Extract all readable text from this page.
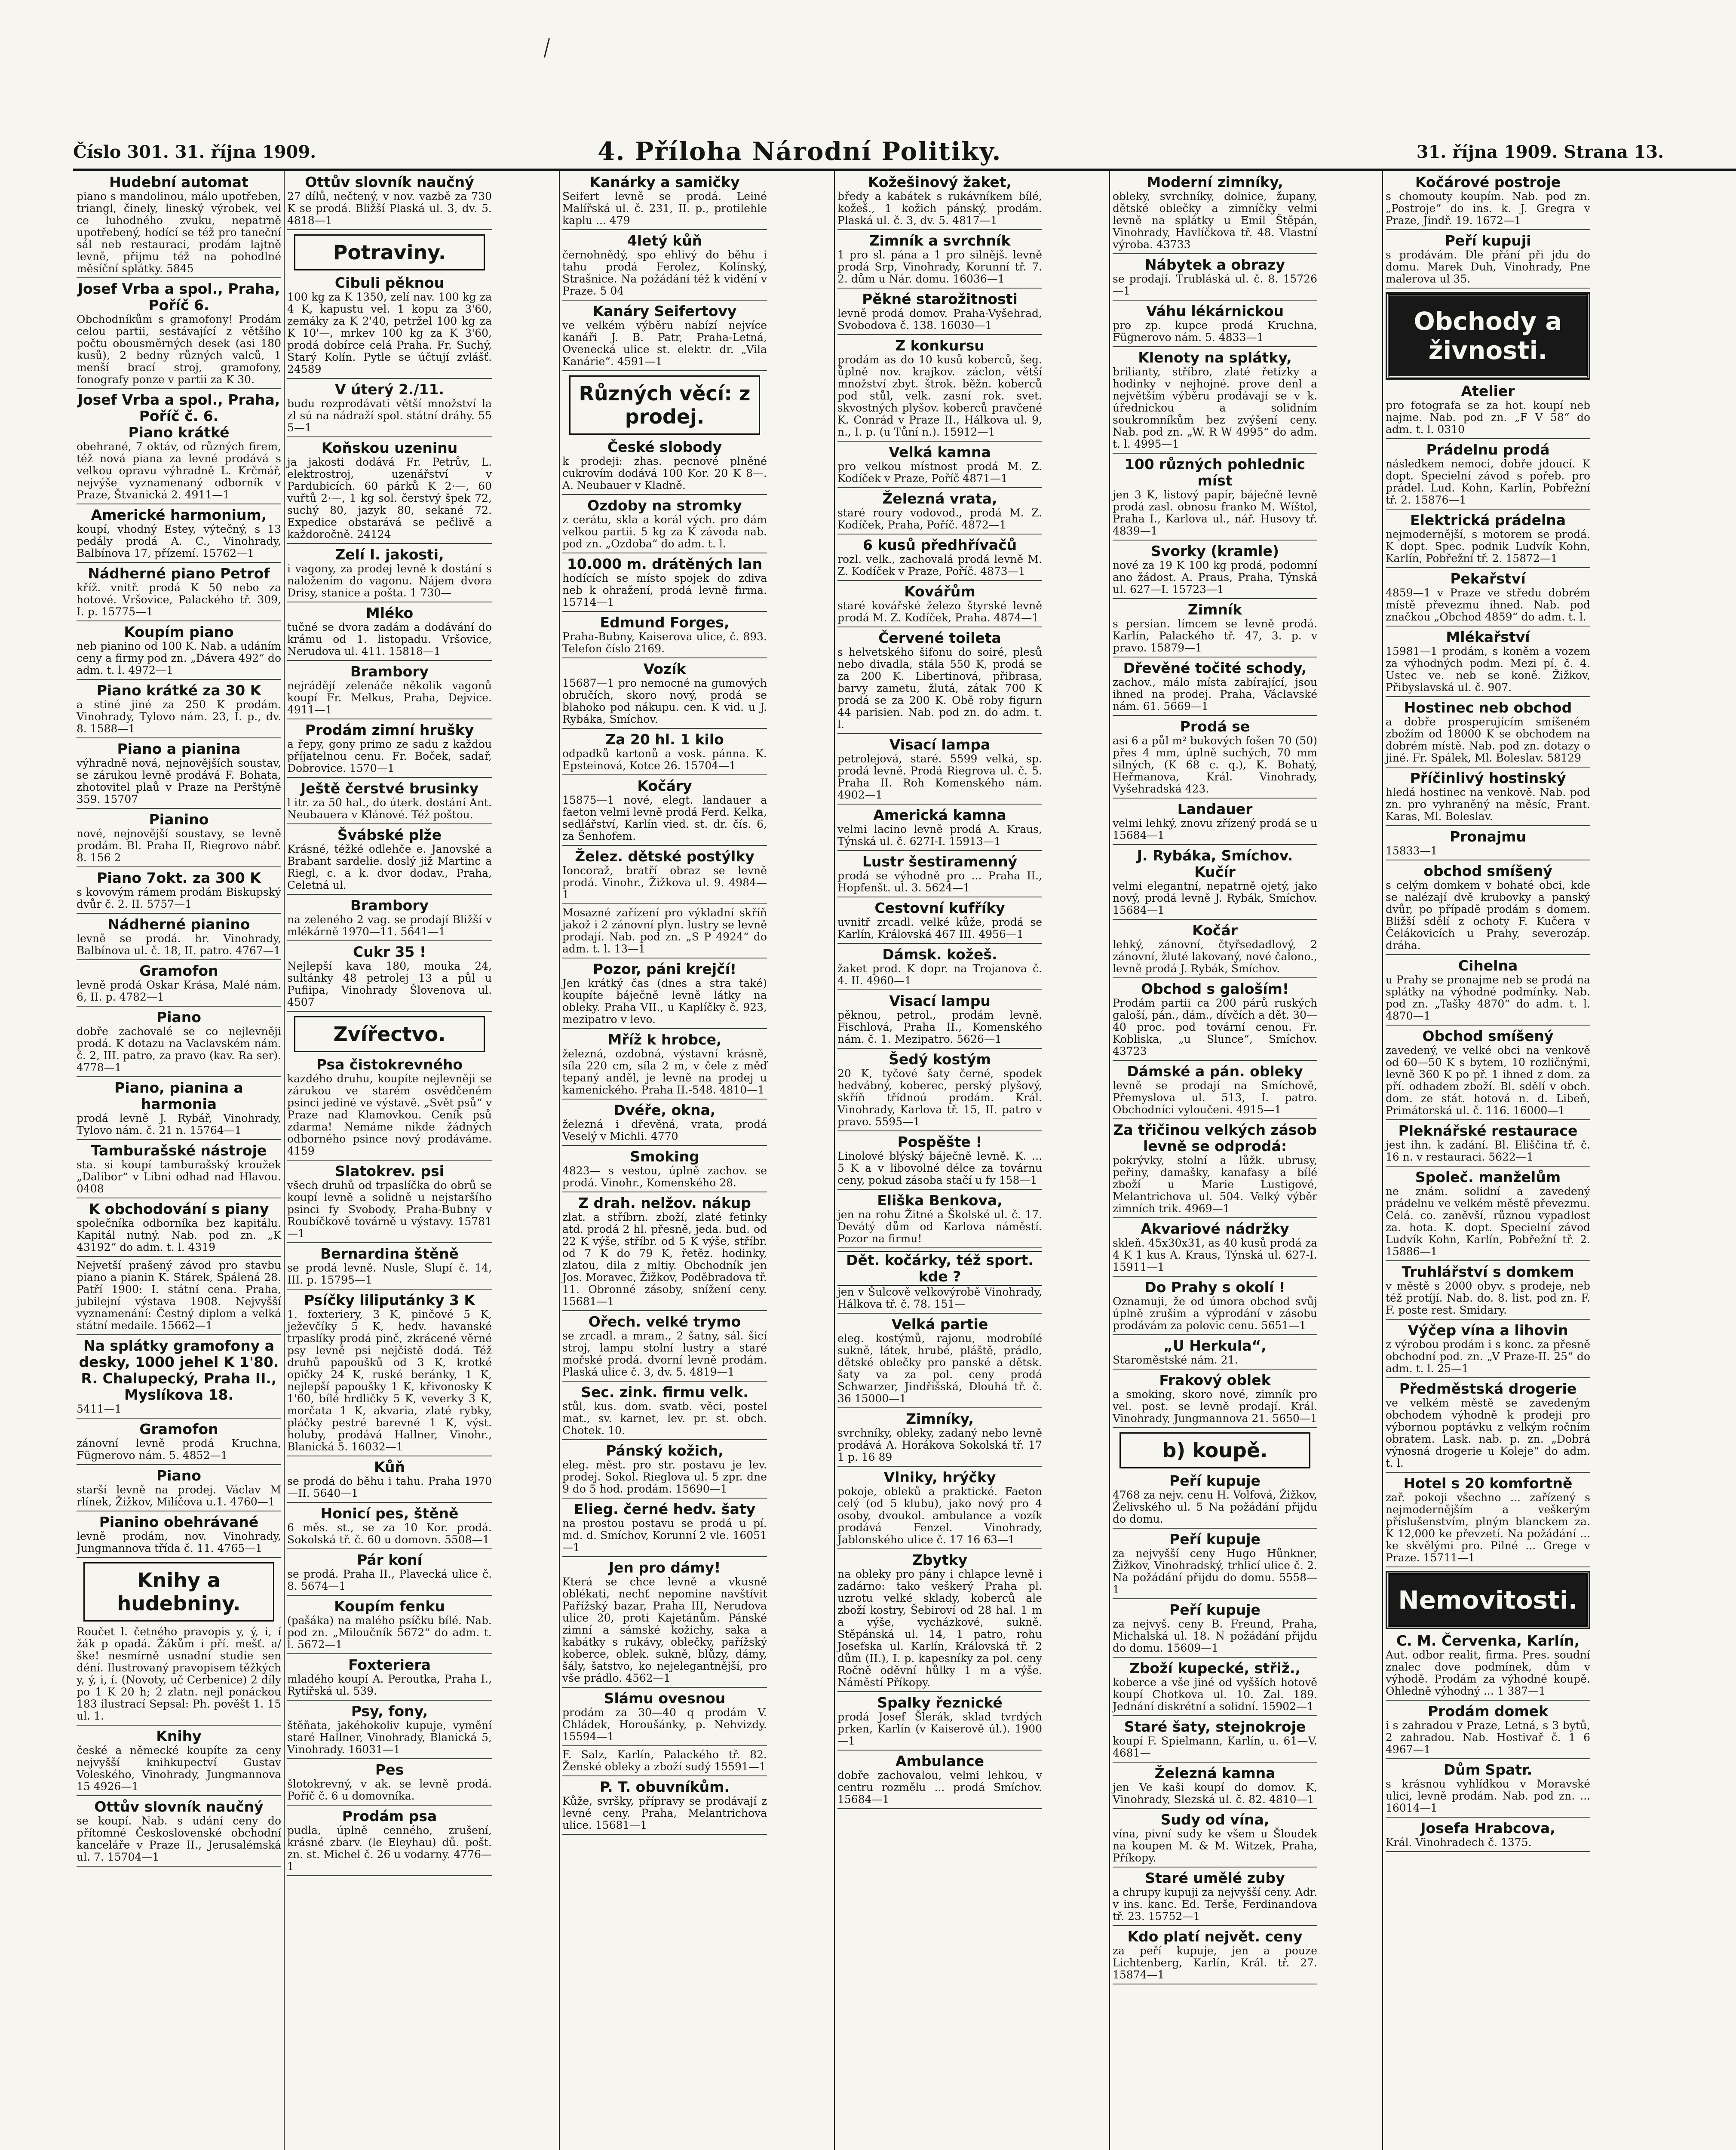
Číslo 301. 31. října 1909.	4. Příloha Národní Politiky.	31. října 1909. Strana 13.
Hudební automat
piano s mandolinou, málo upotřeben, triangl, činely, lineský výrobek, vel ce luhodného zvuku, nepatrně upotřebený, hodící se též pro taneční sál neb restauraci, prodám lajtně levně, přijmu též na pohodlné měsíční splátky. 5845
Josef Vrba a spol., Praha, Poříč 6.
Obchodníkům s gramofony! Prodám celou partii, sestávající z většího počtu obousměrných desek (asi 180 kusů), 2 bedny různých valců, 1 menší brací stroj, gramofony, fonografy ponze v partii za K 30.
Josef Vrba a spol., Praha, Poříč č. 6.
Piano krátké
obehrané, 7 oktáv, od různých firem, též nová piana za levné prodává s velkou opravu výhradně L. Krčmář, nejvýše vyznamenaný odborník v Praze, Štvanická 2. 4911—1
Americké harmonium,
koupí, vhodný Estey, výtečný, s 13 pedály prodá A. C., Vinohrady, Balbínova 17, přízemí. 15762—1
Nádherné piano Petrof
kříž. vnitř. prodá K 50 nebo za hotové. Vršovice, Palackého tř. 309, I. p. 15775—1
Koupím piano
neb pianino od 100 K. Nab. a udáním ceny a firmy pod zn. „Dávera 492“ do adm. t. l. 4972—1
Piano krátké za 30 K
a stiné jiné za 250 K prodám. Vinohrady, Tylovo nám. 23, I. p., dv. 8. 1588—1
Piano a pianina
výhradně nová, nejnovějších soustav, se zárukou levně prodává F. Bohata, zhotovitel plaů v Praze na Perštýně 359. 15707
Pianino
nové, nejnovější soustavy, se levně prodám. Bl. Praha II, Riegrovo nábř. 8. 156 2
Piano 7okt. za 300 K
s kovovým rámem prodám Biskupský dvůr č. 2. II. 5757—1
Nádherné pianino
levně se prodá. hr. Vinohrady, Balbínova ul. č. 18, II. patro. 4767—1
Gramofon
levně prodá Oskar Krása, Malé nám. 6, II. p. 4782—1
Piano
dobře zachovalé se co nejlevněji prodá. K dotazu na Vaclavském nám. č. 2, III. patro, za pravo (kav. Ra ser). 4778—1
Piano, pianina a harmonia
prodá levně J. Rybář, Vinohrady, Tylovo nám. č. 21 n. 15764—1
Tamburašské nástroje
sta. si koupí tamburašský kroužek „Dalibor“ v Libni odhad nad Hlavou. 0408
K obchodování s piany
společníka odborníka bez kapitálu. Kapitál nutný. Nab. pod zn. „K 43192“ do adm. t. l. 4319
Nejvetší prašený závod pro stavbu piano a pianin K. Stárek, Spálená 28. Patří 1900: I. státní cena. Praha, jubilejní výstava 1908. Nejvyšší vyznamenání: Čestný diplom a velká státní medaile. 15662—1
Na splátky gramofony a desky, 1000 jehel K 1'80. R. Chalupecký, Praha II., Myslíkova 18.
5411—1
Gramofon
zánovní levně prodá Kruchna, Fügnerovo nám. 5. 4852—1
Piano
starší levně na prodej. Václav M rlínek, Žižkov, Milíčova u.1. 4760—1
Pianino obehrávané
levně prodám, nov. Vinohrady, Jungmannova třída č. 11. 4765—1
Knihy a hudebniny.
Roučet l. četného pravopis y, ý, i, í žák p opadá. Žákům i pří. mešť. a/ ške! nesmírně usnadní studie sen déní. Ilustrovaný pravopisem těžkých y, ý, i, í. (Novoty, uč Cerbenice) 2 díly po 1 K 20 h; 2 zlatn. nejl ponáckou 183 ilustrací Sepsal: Ph. pověšt 1. 15 ul. 1.
Knihy
české a německé koupíte za ceny nejvyšší knihkupectví Gustav Voleského, Vinohrady, Jungmannova 15 4926—1
Ottův slovník naučný
se koupí. Nab. s udání ceny do přítomné Československé obchodní kanceláře v Praze II., Jerusalémská ul. 7. 15704—1
Ottův slovník naučný
27 dílů, nečtený, v nov. vazbě za 730 K se prodá. Bližší Plaská ul. 3, dv. 5. 4818—1
Potraviny.
Cibuli pěknou
100 kg za K 1350, zelí nav. 100 kg za 4 K, kapustu vel. 1 kopu za 3'60, zemáky za K 2'40, petržel 100 kg za K 10'—, mrkev 100 kg za K 3'60, prodá dobírce celá Praha. Fr. Suchý, Starý Kolín. Pytle se účtují zvlášť. 24589
V úterý 2./11.
budu rozprodávati větší množství la zl sú na nádraží spol. státní dráhy. 55 5—1
Koňskou uzeninu
ja jakosti dodává Fr. Petrův, L. elektrostroj, uzenářství v Pardubicích. 60 párků K 2·—, 60 vuřtů 2·—, 1 kg sol. čerstvý špek 72, suchý 80, jazyk 80, sekané 72. Expedice obstarává se pečlivě a každoročně. 24124
Zelí I. jakosti,
i vagony, za prodej levně k dostání s naložením do vagonu. Nájem dvora Drisy, stanice a pošta. 1 730—
Mléko
tučné se dvora zadám a dodávání do krámu od 1. listopadu. Vršovice, Nerudova ul. 411. 15818—1
Brambory
nejrádějí zelenáče několik vagonů koupí Fr. Melkus, Praha, Dejvice. 4911—1
Prodám zimní hrušky
a řepy, gony primo ze sadu z každou příjatelnou cenu. Fr. Boček, sadař, Dobrovice. 1570—1
Ještě čerstvé brusinky
l itr. za 50 hal., do úterk. dostání Ant. Neubauera v Klánové. Též poštou.
Švábské plže
Krásné, téžké odlehče e. Janovské a Brabant sardelie. doslý již Martinc a Riegl, c. a k. dvor dodav., Praha, Celetná ul.
Brambory
na zeleného 2 vag. se prodají Bližší v mlékárně 1970—11. 5641—1
Cukr 35 !
Nejlepší kava 180, mouka 24, sultánky 48 petrolej 13 a půl u Pufiipa, Vinohrady Šlovenova ul. 4507
Zvířectvo.
Psa čistokrevného
kazdého druhu, koupíte nejlevněji se zárukou ve starém osvědčeném psinci jediné ve výstavě. „Svět psů“ v Praze nad Klamovkou. Ceník psů zdarma! Nemáme nikde žádných odborného psince nový prodáváme. 4159
Slatokrev. psi
všech druhů od trpaslíčka do obrů se koupí levně a solidně u nejstaršího psinci fy Svobody, Praha-Bubny v Roubíčkově továrně u výstavy. 15781—1
Bernardina štěně
se prodá levně. Nusle, Slupí č. 14, III. p. 15795—1
Psíčky liliputánky 3 K
1. foxteriery, 3 K, pinčové 5 K, ježevčíky 5 K, hedv. havanské trpaslíky prodá pinč, zkrácené věrné psy levně psi nejčistě dodá. Též druhů papoušků od 3 K, krotké opičky 24 K, ruské beránky, 1 K, nejlepší papoušky 1 K, křivonosky K 1'60, bílé hrdličky 5 K, veverky 3 K, morčata 1 K, akvaria, zlaté rybky, pláčky pestré barevné 1 K, výst. holuby, prodává Hallner, Vinohr., Blanická 5. 16032—1
Kůň
se prodá do běhu i tahu. Praha 1970—II. 5640—1
Honicí pes, štěně
6 měs. st., se za 10 Kor. prodá. Sokolská tř. č. 60 u domovn. 5508—1
Pár koní
se prodá. Praha II., Plavecká ulice č. 8. 5674—1
Koupím fenku
(pašáka) na malého psíčku bílé. Nab. pod zn. „Miloučník 5672“ do adm. t. l. 5672—1
Foxteriera
mladého koupí A. Peroutka, Praha I., Rytířská ul. 539.
Psy, fony,
štěňata, jakéhokoliv kupuje, vymění staré Hallner, Vinohrady, Blanická 5, Vinohrady. 16031—1
Pes
šlotokrevný, v ak. se levně prodá. Poříč č. 6 u domovníka.
Prodám psa
pudla, úplně cenného, zrušení, krásné zbarv. (le Eleyhau) dů. pošt. zn. st. Michel č. 26 u vodarny. 4776—1
Kanárky a samičky
Seifert levně se prodá. Leiné Malířská ul. č. 231, II. p., protilehle kaplu ... 479
4letý kůň
černohnědý, spo ehlivý do běhu i tahu prodá Ferolez, Kolínský, Strašnice. Na požádání též k vidění v Praze. 5 04
Kanáry Seifertovy
ve velkém výběru nabízí nejvíce kanáři J. B. Patr, Praha-Letná, Ovenecká ulice st. elektr. dr. „Vila Kanárie“. 4591—1
Různých věcí: z prodej.
České slobody
k prodeji: zhas. pecnové plněné cukrovím dodává 100 Kor. 20 K 8—. A. Neubauer v Kladně.
Ozdoby na stromky
z cerátu, skla a korál vých. pro dám velkou partii. 5 kg za K závoda nab. pod zn. „Ozdoba“ do adm. t. l.
10.000 m. drátěných lan
hodících se místo spojek do zdiva neb k ohražení, prodá levně firma. 15714—1
Edmund Forges,
Praha-Bubny, Kaiserova ulice, č. 893. Telefon číslo 2169.
Vozík
15687—1 pro nemocné na gumových obručích, skoro nový, prodá se blahoko pod nákupu. cen. K vid. u J. Rybáka, Smíchov.
Za 20 hl. 1 kilo
odpadků kartonů a vosk. pánna. K. Epsteinová, Kotce 26. 15704—1
Kočáry
15875—1 nové, elegt. landauer a faeton velmi levně prodá Ferd. Kelka, sedlářství, Karlín vied. st. dr. čís. 6, za Šenhofem.
Želez. dětské postýlky
Ioncoraž, bratří obraz se levně prodá. Vinohr., Žižkova ul. 9. 4984—1
Mosazné zařízení pro výkladní skříň jakož i 2 zánovní plyn. lustry se levně prodají. Nab. pod zn. „S P 4924“ do adm. t. l. 13—1
Pozor, páni krejčí!
Jen krátký čas (dnes a stra také) koupíte báječně levně látky na obleky. Praha VII., u Kaplíčky č. 923, mezipatro v levo.
Mříž k hrobce,
železná, ozdobná, výstavní krásně, síla 220 cm, síla 2 m, v čele z měď tepaný anděl, je levně na prodej u kamenického. Praha II.-548. 4810—1
Dvéře, okna,
železná i dřevěná, vrata, prodá Veselý v Michli. 4770
Smoking
4823— s vestou, úplně zachov. se prodá. Vinohr., Komenského 28.
Z drah. nelžov. nákup
zlat. a stříbrn. zboží, zlaté fetinky atd. prodá 2 hl. přesně, jeda. bud. od 22 K výše, stříbr. od 5 K výše, stříbr. od 7 K do 79 K, řetěz. hodinky, zlatou, dila z mltiy. Obchodník jen Jos. Moravec, Žižkov, Poděbradova tř. 11. Obronné zásoby, snížení ceny. 15681—1
Ořech. velké trymo
se zrcadl. a mram., 2 šatny, sál. šicí stroj, lampu stolní lustry a staré mořské prodá. dvorní levně prodám. Plaská ulice č. 3, dv. 5. 4819—1
Sec. zink. firmu velk.
stůl, kus. dom. svatb. věci, postel mat., sv. karnet, lev. pr. st. obch. Chotek. 10.
Pánský kožich,
eleg. měst. pro str. postavu je lev. prodej. Sokol. Rieglova ul. 5 zpr. dne 9 do 5 hod. prodám. 15690—1
Elieg. černé hedv. šaty
na prostou postavu se prodá u pí. md. d. Smíchov, Korunní 2 vle. 16051—1
Jen pro dámy!
Která se chce levně a vkusně oblékati, nechť nepomine navštívit Pařížský bazar, Praha III, Nerudova ulice 20, proti Kajetánům. Pánské zimní a sámské kožichy, saka a kabátky s rukávy, oblečky, pařížský koberce, oblek. sukně, blůzy, dámy, šály, šatstvo, ko nejelegantnější, pro vše prádlo. 4562—1
Slámu ovesnou
prodám za 30—40 q prodám V. Chládek, Horoušánky, p. Nehvizdy. 15594—1
F. Salz, Karlín, Palackého tř. 82. Ženské obleky a zboží sudý 15591—1
P. T. obuvníkům.
Kůže, svršky, přípravy se prodávají z levné ceny. Praha, Melantrichova ulice. 15681—1
Kožešinový žaket,
bředy a kabátek s rukávníkem bílé, kožeš., 1 kožich pánský, prodám. Plaská ul. č. 3, dv. 5. 4817—1
Zimník a svrchník
1 pro sl. pána a 1 pro silnějš. levně prodá Srp, Vinohrady, Korunní tř. 7. 2. dům u Nár. domu. 16036—1
Pěkné starožitnosti
levně prodá domov. Praha-Vyšehrad, Svobodova č. 138. 16030—1
Z konkursu
prodám as do 10 kusů koberců, šeg. ůplně nov. krajkov. záclon, větší množství zbyt. štrok. běžn. koberců pod stůl, velk. zasní rok. svet. skvostných plyšov. koberců pravčené K. Conrád v Praze II., Hálkova ul. 9, n., I. p. (u Tůní n.). 15912—1
Velká kamna
pro velkou místnost prodá M. Z. Kodíček v Praze, Poříč 4871—1
Železná vrata,
staré roury vodovod., prodá M. Z. Kodíček, Praha, Poříč. 4872—1
6 kusů předhřívačů
rozl. velk., zachovalá prodá levně M. Z. Kodíček v Praze, Poříč. 4873—1
Kovářům
staré kovářské železo štyrské levně prodá M. Z. Kodíček, Praha. 4874—1
Červené toileta
s helvetského šifonu do soiré, plesů nebo divadla, stála 550 K, prodá se za 200 K. Libertinová, přibrasa, barvy zametu, žlutá, zátak 700 K prodá se za 200 K. Obě roby figurn 44 parisien. Nab. pod zn. do adm. t. l.
Visací lampa
petrolejová, staré. 5599 velká, sp. prodá levně. Prodá Riegrova ul. č. 5. Praha II. Roh Komenského nám. 4902—1
Americká kamna
velmi lacino levně prodá A. Kraus, Týnská ul. č. 627I-I. 15913—1
Lustr šestiramenný
prodá se výhodně pro ... Praha II., Hopfenšt. ul. 3. 5624—1
Cestovní kufříky
uvnitř zrcadl. velké kůže, prodá se Karlín, Královská 467 III. 4956—1
Dámsk. kožeš.
žaket prod. K dopr. na Trojanova č. 4. II. 4960—1
Visací lampu
pěknou, petrol., prodám levně. Fischlová, Praha II., Komenského nám. č. 1. Mezipatro. 5626—1
Šedý kostým
20 K, tyčové šaty černé, spodek hedvábný, koberec, perský plyšový, skříň třídnoú prodám. Král. Vinohrady, Karlova tř. 15, II. patro v pravo. 5595—1
Pospěšte !
Linolové blýský báječně levně. K. ... 5 K a v libovolné délce za továrnu ceny, pokud zásoba stačí u fy 158—1
Eliška Benkova,
jen na rohu Žitné a Školské ul. č. 17. Devátý dům od Karlova náměstí. Pozor na firmu!
Dět. kočárky, též sport. kde ?
jen v Šulcově velkovýrobě Vinohrady, Hálkova tř. č. 78. 151—
Velká partie
eleg. kostýmů, rajonu, modrobílé sukně, látek, hrubé, pláště, prádlo, dětské oblečky pro panské a dětsk. šaty va za pol. ceny prodá Schwarzer, Jindřišská, Dlouhá tř. č. 36 15000—1
Zimníky,
svrchníky, obleky, zadaný nebo levně prodává A. Horákova Sokolská tř. 17 1 p. 16 89
Vlniky, hrýčky
pokoje, obleků a praktické. Faeton celý (od 5 klubu), jako nový pro 4 osoby, dvoukol. ambulance a vozík prodává Fenzel. Vinohrady, Jablonského ulice č. 17 16 63—1
Zbytky
na obleky pro pány i chlapce levně i zadárno: tako veškerý Praha pl. uzrotu velké sklady, koberců ale zboží kostry, Šebiroví od 28 hal. 1 m a výše, vycházkové, sukně. Stěpánská ul. 14, 1 patro, rohu Josefska ul. Karlín, Královská tř. 2 dům (II.), I. p. kapesníky za pol. ceny Ročně oděvní hůlky 1 m a výše. Náměstí Příkopy.
Spalky řeznické
prodá Josef Šlerák, sklad tvrdých prken, Karlín (v Kaiserově úl.). 1900—1
Ambulance
dobře zachovalou, velmi lehkou, v centru rozmělu ... prodá Smíchov. 15684—1
Moderní zimníky,
obleky, svrchníky, dolnice, župany, dětské oblečky a zimníčky velmi levně na splátky u Emil Štěpán, Vinohrady, Havlíčkova tř. 48. Vlastní výroba. 43733
Nábytek a obrazy
se prodají. Trubláská ul. č. 8. 15726—1
Váhu lékárnickou
pro zp. kupce prodá Kruchna, Fügnerovo nám. 5. 4833—1
Klenoty na splátky,
brilianty, stříbro, zlaté řetízky a hodinky v nejhojné. prove denl a největším výběru prodávají se v k. úřednickou a solidním soukromníkům bez zvýšení ceny. Nab. pod zn. „W. R W 4995“ do adm. t. l. 4995—1
100 různých pohlednic míst
jen 3 K, listový papír, báječně levně prodá zasl. obnosu franko M. Wíštol, Praha I., Karlova ul., nář. Husovy tř. 4839—1
Svorky (kramle)
nové za 19 K 100 kg prodá, podomní ano žádost. A. Praus, Praha, Týnská ul. 627—I. 15723—1
Zimník
s persian. límcem se levně prodá. Karlín, Palackého tř. 47, 3. p. v pravo. 15879—1
Dřevěné točité schody,
zachov., málo místa zabírající, jsou ihned na prodej. Praha, Václavské nám. 61. 5669—1
Prodá se
asi 6 a půl m² bukových fošen 70 (50) přes 4 mm, úplně suchých, 70 mm silných, (K 68 c. q.), K. Bohatý, Heřmanova, Král. Vinohrady, Vyšehradská 423.
Landauer
velmi lehký, znovu zřízený prodá se u 15684—1
J. Rybáka, Smíchov.
Kučír
velmi elegantní, nepatrně ojetý, jako nový, prodá levně J. Rybák, Smíchov. 15684—1
Kočár
lehký, zánovní, čtyřsedadlový, 2 zánovní, žluté lakovaný, nové čalono., levně prodá J. Rybák, Smíchov.
Obchod s galoším!
Prodám partii ca 200 párů ruských galoší, pán., dám., dívčích a dět. 30—40 proc. pod tovární cenou. Fr. Kobliska, „u Slunce“, Smíchov. 43723
Dámské a pán. obleky
levně se prodají na Smíchově, Přemyslova ul. 513, I. patro. Obchodníci vyloučeni. 4915—1
Za třičinou velkých zásob levně se odprodá:
pokrývky, stolní a lůžk. ubrusy, peřiny, damašky, kanafasy a bílé zboží u Marie Lustigové, Melantrichova ul. 504. Velký výběr zimních trik. 4969—1
Akvariové nádržky
skleň. 45x30x31, as 40 kusů prodá za 4 K 1 kus A. Kraus, Týnská ul. 627-I. 15911—1
Do Prahy s okolí !
Oznamuji, že od úmora obchod svůj úplně zrušim a výprodání v zásobu prodávám za polovic cenu. 5651—1
„U Herkula“,
Staroměstské nám. 21.
Frakový oblek
a smoking, skoro nové, zimník pro vel. post. se levně prodají. Král. Vinohrady, Jungmannova 21. 5650—1
b) koupě.
Peří kupuje
4768 za nejv. cenu H. Volfová, Žižkov, Želivského ul. 5 Na požádání přijdu do domu.
Peří kupuje
za nejvyšší ceny Hugo Hůnkner, Žižkov, Vinohradský, trhlicí ulice č. 2. Na požádání přijdu do domu. 5558—1
Peří kupuje
za nejvyš. ceny B. Freund, Praha, Michalská ul. 18. N požádání přijdu do domu. 15609—1
Zboží kupecké, střiž.,
koberce a vše jiné od vyšších hotově koupí Chotkova ul. 10. Zal. 189. Jednání diskrétní a solidní. 15902—1
Staré šaty, stejnokroje
koupí F. Spielmann, Karlín, u. 61—V. 4681—
Železná kamna
jen Ve kaši koupí do domov. K, Vinohrady, Slezská ul. č. 82. 4810—1
Sudy od vína,
vína, pivní sudy ke všem u Šloudek na koupen M. & M. Witzek, Praha, Příkopy.
Staré umělé zuby
a chrupy kupuji za nejvyšší ceny. Adr. v ins. kanc. Ed. Terše, Ferdinandova tř. 23. 15752—1
Kdo platí největ. ceny
za peří kupuje, jen a pouze Lichtenberg, Karlín, Král. tř. 27. 15874—1
Kočárové postroje
s chomouty koupím. Nab. pod zn. „Postroje“ do ins. k. J. Gregra v Praze, Jindř. 19. 1672—1
Peří kupuji
s prodávám. Dle přání při jdu do domu. Marek Duh, Vinohrady, Pne malerova ul 35.
Obchody a živnosti.
Atelier
pro fotografa se za hot. koupí neb najme. Nab. pod zn. „F V 58“ do adm. t. l. 0310
Prádelnu prodá
následkem nemoci, dobře jdoucí. K dopt. Specielní závod s pořeb. pro prádel. Lud. Kohn, Karlín, Pobřežní tř. 2. 15876—1
Elektrická prádelna
nejmodernější, s motorem se prodá. K dopt. Spec. podnik Ludvík Kohn, Karlín, Pobřežní tř. 2. 15872—1
Pekařství
4859—1 v Praze ve středu dobrém místě převezmu ihned. Nab. pod značkou „Obchod 4859“ do adm. t. l.
Mlékařství
15981—1 prodám, s koněm a vozem za výhodných podm. Mezi pí. č. 4. Ustec ve. neb se koně. Žižkov, Přibyslavská ul. č. 907.
Hostinec neb obchod
a dobře prosperujícím smíšeném zbožím od 18000 K se obchodem na dobrém místě. Nab. pod zn. dotazy o jiné. Fr. Spálek, Ml. Boleslav. 58129
Příčinlivý hostinský
hledá hostinec na venkově. Nab. pod zn. pro vyhraněný na měsíc, Frant. Karas, Ml. Boleslav.
Pronajmu
15833—1
obchod smíšený
s celým domkem v bohaté obci, kde se nalézají dvě krubovky a panský dvůr, po případě prodám s domem. Bližší sdělí z ochoty F. Kučera v Čelákovicích u Prahy, severozáp. dráha.
Cihelna
u Prahy se pronajme neb se prodá na splátky na výhodné podmínky. Nab. pod zn. „Tašky 4870“ do adm. t. l. 4870—1
Obchod smíšený
zavedený, ve velké obci na venkově od 60—50 K s bytem, 10 rozličnými, levně 360 K po př. 1 ihned z dom. za pří. odhadem zboží. Bl. sdělí v obch. dom. ze stát. hotová n. d. Libeň, Primátorská ul. č. 116. 16000—1
Pleknářské restaurace
jest ihn. k zadání. Bl. Eliščina tř. č. 16 n. v restauraci. 5622—1
Společ. manželům
ne znám. solidní a zavedený prádelnu ve velkém městě převezmu. Celá. co. zaněvší, různou vypadlost za. hota. K. dopt. Specielní závod Ludvík Kohn, Karlín, Pobřežní tř. 2. 15886—1
Truhlářství s domkem
v městě s 2000 obyv. s prodeje, neb též protíjí. Nab. do. 8. list. pod zn. F. F. poste rest. Smidary.
Výčep vína a lihovin
z výrobou prodám i s konc. za přesně obchodní pod. zn. „V Praze-II. 25“ do adm. t. l. 25—1
Předměstská drogerie
ve velkém městě se zavedeným obchodem výhodně k prodeji pro výbornou poptávku z velkým ročním obratem. Lask. nab. p. zn. „Dobrá výnosná drogerie u Koleje“ do adm. t. l.
Hotel s 20 komfortně
zař. pokoji všechno ... zařízený s nejmodernějším a veškerým příslušenstvím, plným blanckem za. K 12,000 ke převzetí. Na požádání ... ke skvělými pro. Pilné ... Grege v Praze. 15711—1
Nemovitosti.
C. M. Červenka, Karlín,
Aut. odbor realit, firma. Pres. soudní znalec dove podmínek, dům v výhodě. Prodám za výhodné koupě. Ohledně výhodný ... 1 387—1
Prodám domek
i s zahradou v Praze, Letná, s 3 bytů, 2 zahradou. Nab. Hostivař č. 1 6 4967—1
Dům Spatr.
s krásnou vyhlídkou v Moravské ulici, levně prodám. Nab. pod zn. ... 16014—1
Josefa Hrabcova,
Král. Vinohradech č. 1375.
